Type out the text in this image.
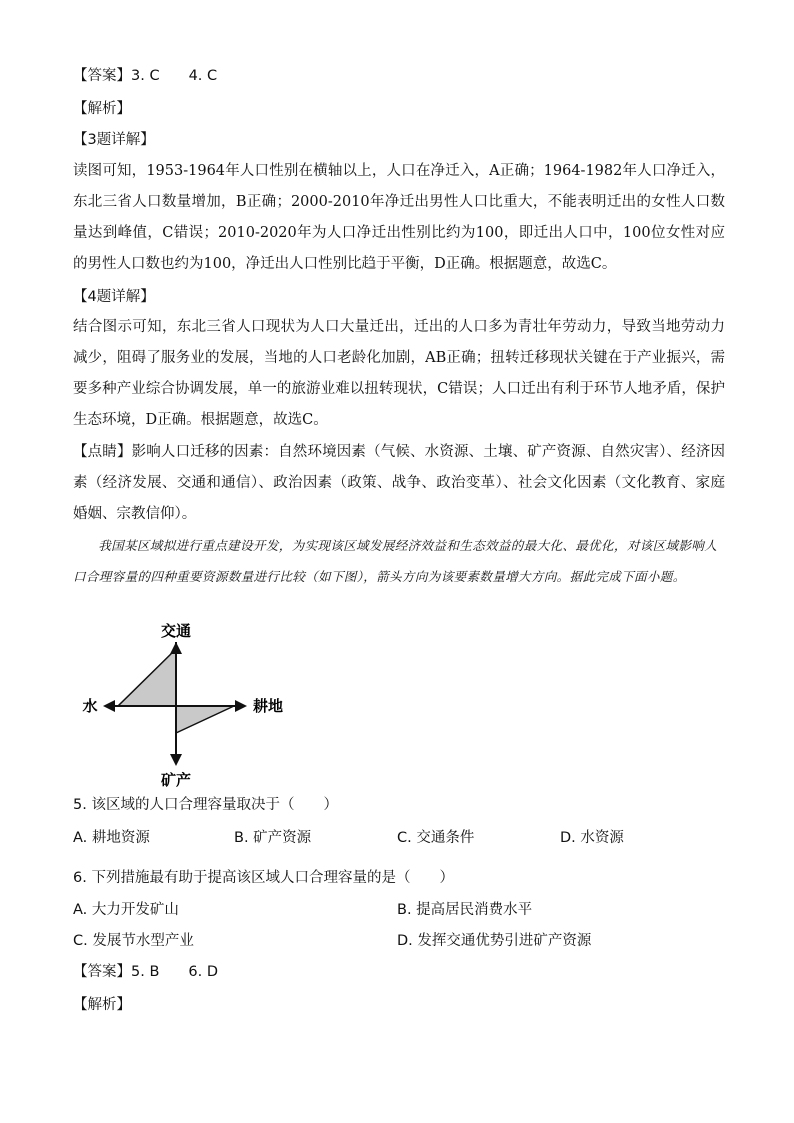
【答案】3. C　　4. C
【解析】
【3题详解】
读图可知，1953-1964年人口性别在横轴以上，人口在净迁入，A正确；1964-1982年人口净迁入，东北三省人口数量增加，B正确；2000-2010年净迁出男性人口比重大，不能表明迁出的女性人口数量达到峰值，C错误；2010-2020年为人口净迁出性别比约为100，即迁出人口中，100位女性对应的男性人口数也约为100，净迁出人口性别比趋于平衡，D正确。根据题意，故选C。
【4题详解】
结合图示可知，东北三省人口现状为人口大量迁出，迁出的人口多为青壮年劳动力，导致当地劳动力减少，阻碍了服务业的发展，当地的人口老龄化加剧，AB正确；扭转迁移现状关键在于产业振兴，需要多种产业综合协调发展，单一的旅游业难以扭转现状，C错误；人口迁出有利于环节人地矛盾，保护生态环境，D正确。根据题意，故选C。
【点睛】影响人口迁移的因素：自然环境因素（气候、水资源、土壤、矿产资源、自然灾害）、经济因素（经济发展、交通和通信）、政治因素（政策、战争、政治变革）、社会文化因素（文化教育、家庭婚姻、宗教信仰）。
我国某区域拟进行重点建设开发，为实现该区域发展经济效益和生态效益的最大化、最优化，对该区域影响人口合理容量的四种重要资源数量进行比较（如下图），箭头方向为该要素数量增大方向。据此完成下面小题。
交通
水	耕地
矿产
5. 该区域的人口合理容量取决于（　　）
A. 耕地资源	B. 矿产资源	C. 交通条件	D. 水资源
6. 下列措施最有助于提高该区域人口合理容量的是（　　）
A. 大力开发矿山	B. 提高居民消费水平
C. 发展节水型产业	D. 发挥交通优势引进矿产资源
【答案】5. B　　6. D
【解析】
